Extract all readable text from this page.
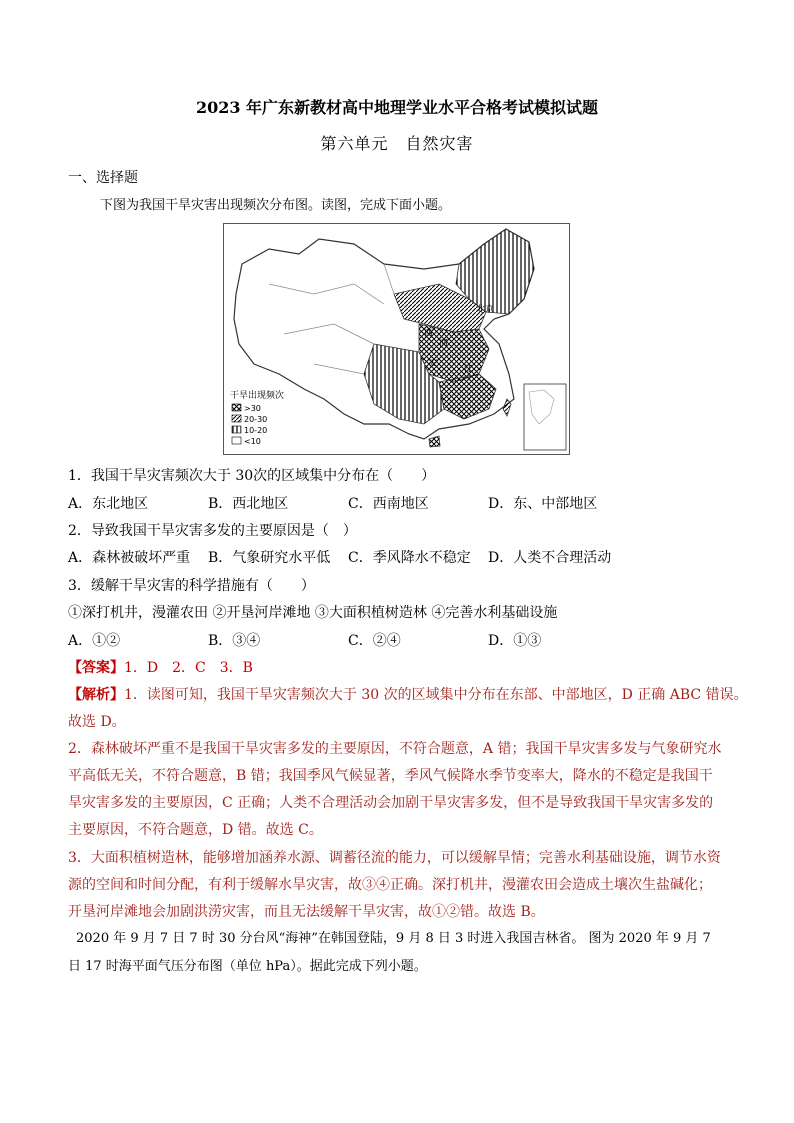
2023 年广东新教材高中地理学业水平合格考试模拟试题
第六单元　自然灾害
一、选择题
下图为我国干旱灾害出现频次分布图。读图，完成下面小题。
北京
西
河
安
江
干旱出现频次
>30
20-30
10-20
<10
1．我国干旱灾害频次大于 30次的区域集中分布在（　　）
A．东北地区	B．西北地区	C．西南地区	D．东、中部地区
2．导致我国干旱灾害多发的主要原因是（　）
A．森林被破坏严重 B．气象研究水平低 C．季风降水不稳定 D．人类不合理活动
3．缓解干旱灾害的科学措施有（　　）
①深打机井，漫灌农田 ②开垦河岸滩地 ③大面积植树造林 ④完善水利基础设施
A．①②	B．③④	C．②④	D．①③
【答案】1．D　2．C　3．B
【解析】1．读图可知，我国干旱灾害频次大于 30 次的区域集中分布在东部、中部地区，D 正确 ABC 错误。
故选 D。
2．森林破坏严重不是我国干旱灾害多发的主要原因，不符合题意，A 错；我国干旱灾害多发与气象研究水
平高低无关，不符合题意，B 错；我国季风气候显著，季风气候降水季节变率大，降水的不稳定是我国干
旱灾害多发的主要原因，C 正确；人类不合理活动会加剧干旱灾害多发，但不是导致我国干旱灾害多发的
主要原因，不符合题意，D 错。故选 C。
3．大面积植树造林，能够增加涵养水源、调蓄径流的能力，可以缓解旱情；完善水利基础设施，调节水资
源的空间和时间分配，有利于缓解水旱灾害，故③④正确。深打机井，漫灌农田会造成土壤次生盐碱化；
开垦河岸滩地会加剧洪涝灾害，而且无法缓解干旱灾害，故①②错。故选 B。
2020 年 9 月 7 日 7 时 30 分台风“海神”在韩国登陆，9 月 8 日 3 时进入我国吉林省。 图为 2020 年 9 月 7
日 17 时海平面气压分布图（单位 hPa）。据此完成下列小题。
